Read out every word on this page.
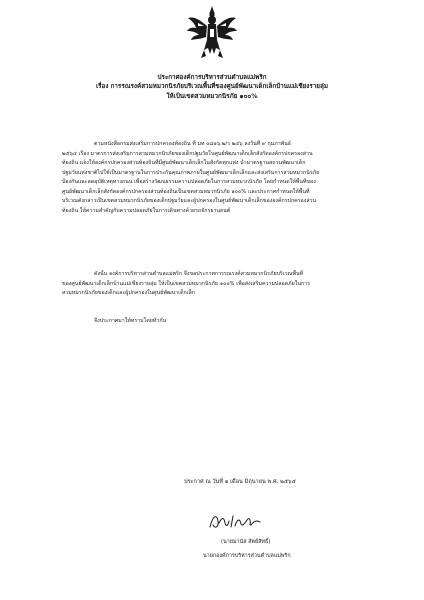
ประกาศองค์การบริหารส่วนตำบลแม่พริก
เรื่อง การรณรงค์สวมหมวกนิรภัยบริเวณพื้นที่ของศูนย์พัฒนาเด็กเล็กบ้านแม่เชียงรายลุ่ม
ให้เป็นเขตสวมหมวกนิรภัย ๑๐๐%
ตามหนังสือกรมส่งเสริมการปกครองท้องถิ่น ที่ มท ๐๘๑๖.๒/ว ๒๔๖ ลงวันที่ ๙ กุมภาพันธ์
๒๕๖๔ เรื่อง มาตรการส่งเสริมการสวมหมวกนิรภัยของเด็กปฐมวัยในศูนย์พัฒนาเด็กเล็กสังกัดองค์กรปกครองส่วน
ท้องถิ่น แจ้งให้องค์กรปกครองส่วนท้องถิ่นที่มีศูนย์พัฒนาเด็กเล็กในสังกัดทุกแห่ง นำมาตรฐานสถานพัฒนาเด็ก
ปฐมวัยแห่งชาติไปใช้เป็นมาตรฐานในการประกันคุณภาพภายในศูนย์พัฒนาเด็กเล็กและส่งเสริมการสวมหมวกนิรภัย
ป้องกันและลดอุบัติเหตุทางถนน เพื่อสร้างวัฒนธรรมความปลอดภัยในการสวมหมวกนิรภัย โดยกำหนดให้พื้นที่ของ
ศูนย์พัฒนาเด็กเล็กสังกัดองค์กรปกครองส่วนท้องถิ่นเป็นเขตสวมหมวกนิรภัย ๑๐๐% และประกาศกำหนดให้พื้นที่
บริเวณดังกล่าวเป็นเขตสวมหมวกนิรภัยของเด็กปฐมวัยและผู้ปกครองในศูนย์พัฒนาเด็กเล็กขององค์กรปกครองส่วน
ท้องถิ่น ให้ความสำคัญกับความปลอดภัยในการเดินทางด้วยรถจักรยานยนต์
ดังนั้น องค์การบริหารส่วนตำบลแม่พริก จึงขอประกาศการรณรงค์สวมหมวกนิรภัยบริเวณพื้นที่
ของศูนย์พัฒนาเด็กเล็กบ้านแม่เชียงรายลุ่ม ให้เป็นเขตสวมหมวกนิรภัย ๑๐๐% เพื่อส่งเสริมความปลอดภัยในการ
สวมหมวกนิรภัยของเด็กและผู้ปกครองในศูนย์พัฒนาเด็กเล็ก
จึงประกาศมาให้ทราบโดยทั่วกัน
ประกาศ ณ วันที่ ๑ เดือน มิถุนายน พ.ศ. ๒๕๖๕
(นายมานัส สัตย์สิทธิ์)
นายกองค์การบริหารส่วนตำบลแม่พริก
